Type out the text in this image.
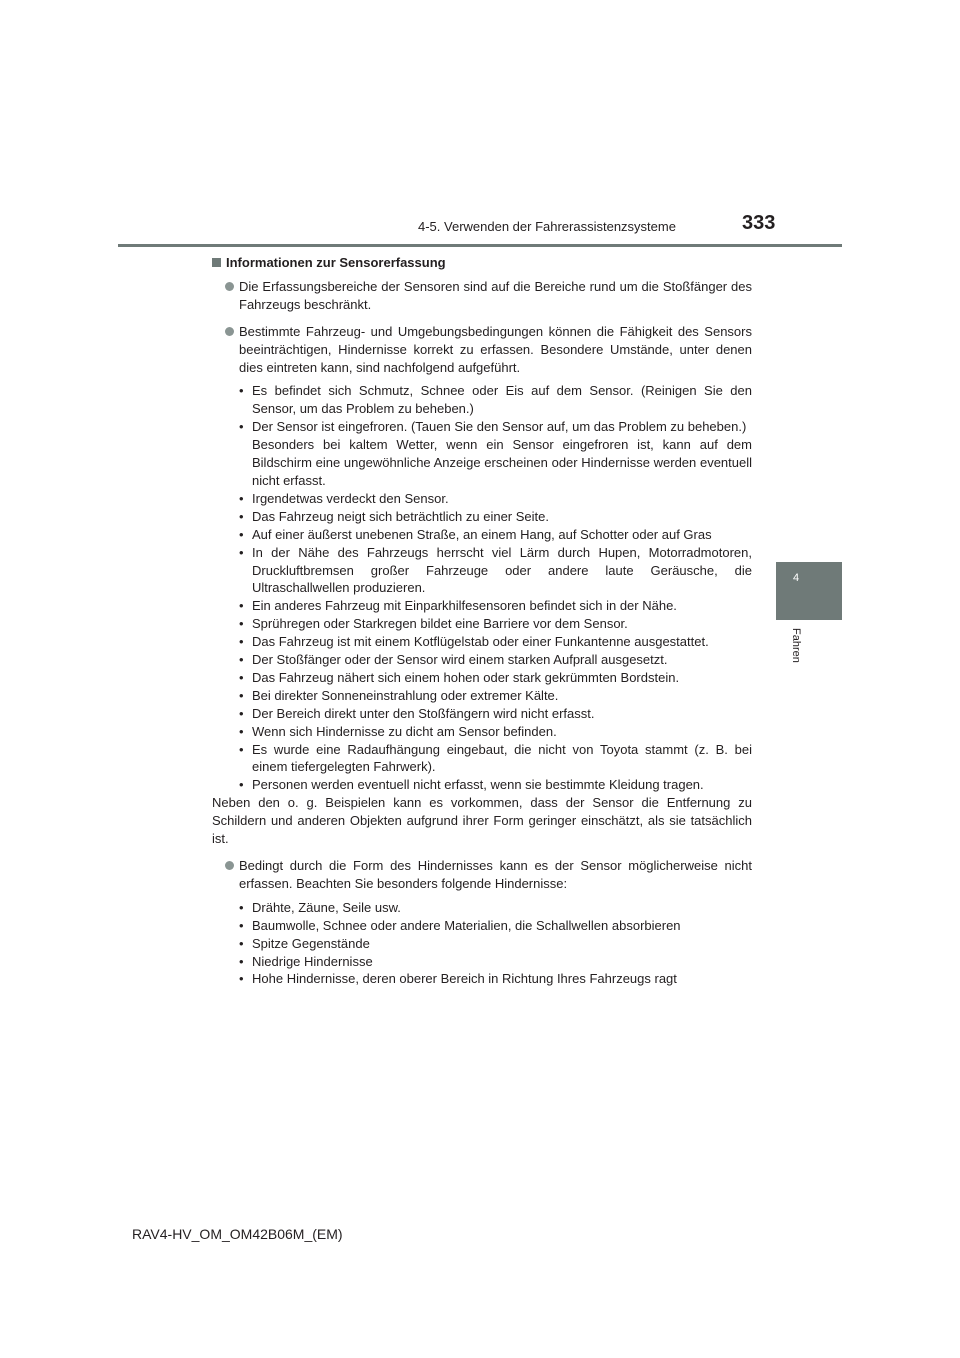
4-5. Verwenden der Fahrerassistenzsysteme	333
4
Fahren
Informationen zur Sensorerfassung
Die Erfassungsbereiche der Sensoren sind auf die Bereiche rund um die Stoßfänger des Fahrzeugs beschränkt.
Bestimmte Fahrzeug- und Umgebungsbedingungen können die Fähigkeit des Sensors beeinträchtigen, Hindernisse korrekt zu erfassen. Besondere Umstände, unter denen dies eintreten kann, sind nachfolgend aufgeführt.
• Es befindet sich Schmutz, Schnee oder Eis auf dem Sensor. (Reinigen Sie den Sensor, um das Problem zu beheben.)
• Der Sensor ist eingefroren. (Tauen Sie den Sensor auf, um das Problem zu beheben.)
Besonders bei kaltem Wetter, wenn ein Sensor eingefroren ist, kann auf dem Bildschirm eine ungewöhnliche Anzeige erscheinen oder Hindernisse werden eventuell nicht erfasst.
• Irgendetwas verdeckt den Sensor.
• Das Fahrzeug neigt sich beträchtlich zu einer Seite.
• Auf einer äußerst unebenen Straße, an einem Hang, auf Schotter oder auf Gras
• In der Nähe des Fahrzeugs herrscht viel Lärm durch Hupen, Motorradmotoren, Druckluftbremsen großer Fahrzeuge oder andere laute Geräusche, die Ultraschallwellen produzieren.
• Ein anderes Fahrzeug mit Einparkhilfesensoren befindet sich in der Nähe.
• Sprühregen oder Starkregen bildet eine Barriere vor dem Sensor.
• Das Fahrzeug ist mit einem Kotflügelstab oder einer Funkantenne ausgestattet.
• Der Stoßfänger oder der Sensor wird einem starken Aufprall ausgesetzt.
• Das Fahrzeug nähert sich einem hohen oder stark gekrümmten Bordstein.
• Bei direkter Sonneneinstrahlung oder extremer Kälte.
• Der Bereich direkt unter den Stoßfängern wird nicht erfasst.
• Wenn sich Hindernisse zu dicht am Sensor befinden.
• Es wurde eine Radaufhängung eingebaut, die nicht von Toyota stammt (z. B. bei einem tiefergelegten Fahrwerk).
• Personen werden eventuell nicht erfasst, wenn sie bestimmte Kleidung tragen.
Neben den o. g. Beispielen kann es vorkommen, dass der Sensor die Entfernung zu Schildern und anderen Objekten aufgrund ihrer Form geringer einschätzt, als sie tatsächlich ist.
Bedingt durch die Form des Hindernisses kann es der Sensor möglicherweise nicht erfassen. Beachten Sie besonders folgende Hindernisse:
• Drähte, Zäune, Seile usw.
• Baumwolle, Schnee oder andere Materialien, die Schallwellen absorbieren
• Spitze Gegenstände
• Niedrige Hindernisse
• Hohe Hindernisse, deren oberer Bereich in Richtung Ihres Fahrzeugs ragt
RAV4-HV_OM_OM42B06M_(EM)
